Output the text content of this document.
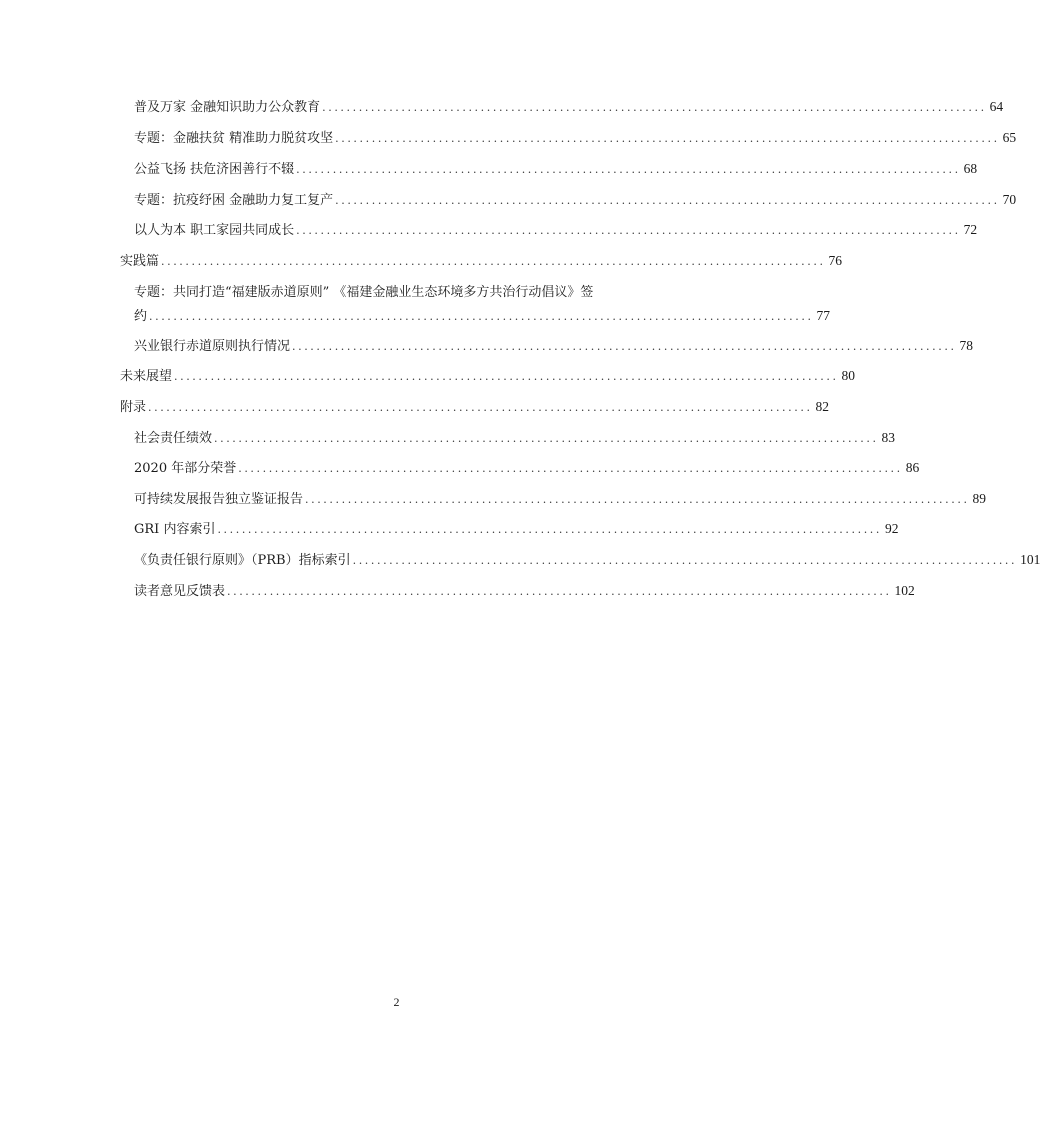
普及万家 金融知识助力公众教育 ............................................................................................................. 64
专题：金融扶贫 精准助力脱贫攻坚 ............................................................................................................. 65
公益飞扬 扶危济困善行不辍 ............................................................................................................. 68
专题：抗疫纾困 金融助力复工复产 ............................................................................................................. 70
以人为本 职工家园共同成长 ............................................................................................................. 72
实践篇 ............................................................................................................. 76
专题：共同打造“福建版赤道原则” 《福建金融业生态环境多方共治行动倡议》签
约 ............................................................................................................. 77
兴业银行赤道原则执行情况 ............................................................................................................. 78
未来展望 ............................................................................................................. 80
附录 ............................................................................................................. 82
社会责任绩效 ............................................................................................................. 83
2020 年部分荣誉 ............................................................................................................. 86
可持续发展报告独立鉴证报告 ............................................................................................................. 89
GRI 内容索引 ............................................................................................................. 92
《负责任银行原则》（PRB）指标索引 ............................................................................................................. 101
读者意见反馈表 ............................................................................................................. 102
2
